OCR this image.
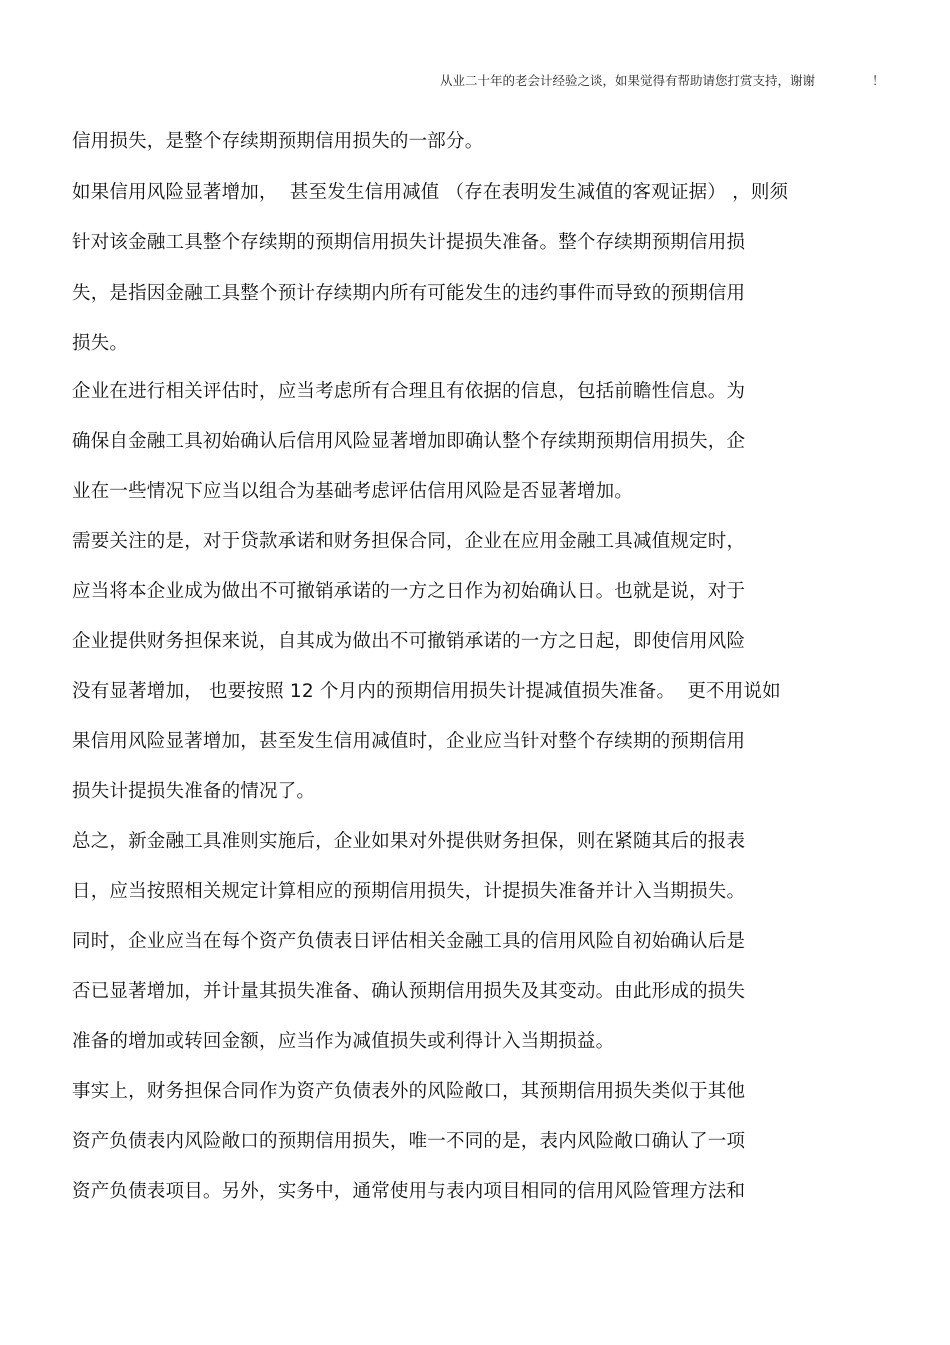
从业二十年的老会计经验之谈，如果觉得有帮助请您打赏支持，谢谢	！
信用损失，是整个存续期预期信用损失的一部分。
如果信用风险显著增加，  甚至发生信用减值 （存在表明发生减值的客观证据） ，则须
针对该金融工具整个存续期的预期信用损失计提损失准备。整个存续期预期信用损
失，是指因金融工具整个预计存续期内所有可能发生的违约事件而导致的预期信用
损失。
企业在进行相关评估时，应当考虑所有合理且有依据的信息，包括前瞻性信息。为
确保自金融工具初始确认后信用风险显著增加即确认整个存续期预期信用损失，企
业在一些情况下应当以组合为基础考虑评估信用风险是否显著增加。
需要关注的是，对于贷款承诺和财务担保合同，企业在应用金融工具减值规定时，
应当将本企业成为做出不可撤销承诺的一方之日作为初始确认日。也就是说，对于
企业提供财务担保来说，自其成为做出不可撤销承诺的一方之日起，即使信用风险
没有显著增加， 也要按照 12 个月内的预期信用损失计提减值损失准备。  更不用说如
果信用风险显著增加，甚至发生信用减值时，企业应当针对整个存续期的预期信用
损失计提损失准备的情况了。
总之，新金融工具准则实施后，企业如果对外提供财务担保，则在紧随其后的报表
日，应当按照相关规定计算相应的预期信用损失，计提损失准备并计入当期损失。
同时，企业应当在每个资产负债表日评估相关金融工具的信用风险自初始确认后是
否已显著增加，并计量其损失准备、确认预期信用损失及其变动。由此形成的损失
准备的增加或转回金额，应当作为减值损失或利得计入当期损益。
事实上，财务担保合同作为资产负债表外的风险敞口，其预期信用损失类似于其他
资产负债表内风险敞口的预期信用损失，唯一不同的是，表内风险敞口确认了一项
资产负债表项目。另外，实务中，通常使用与表内项目相同的信用风险管理方法和
